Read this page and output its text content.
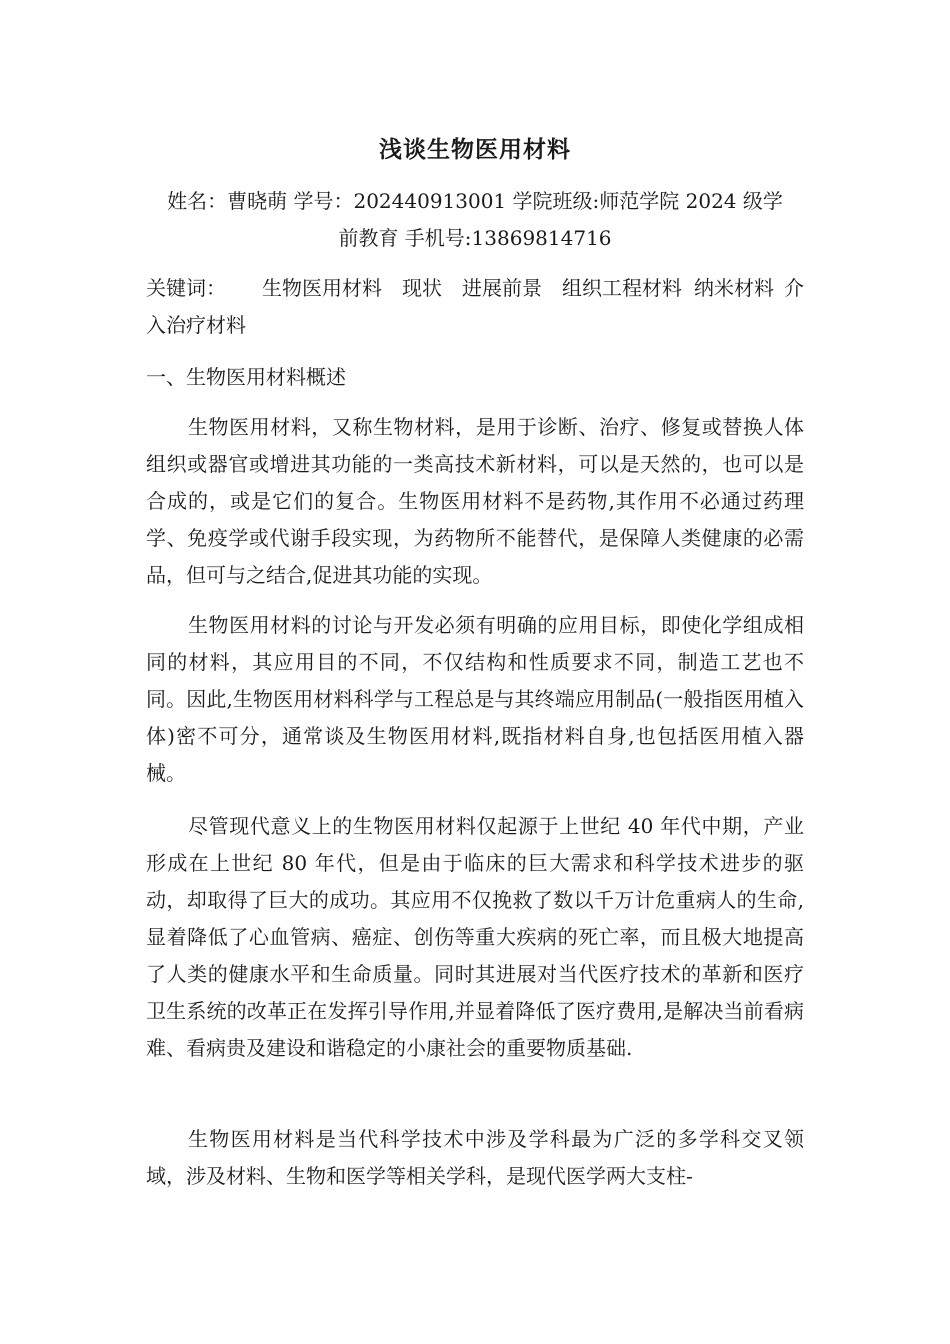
浅谈生物医用材料
姓名：曹晓萌 学号：202440913001 学院班级:师范学院 2024 级学
前教育 手机号:13869814716
关键词： 生物医用材料 现状 进展前景 组织工程材料 纳米材料 介入治疗材料
一、生物医用材料概述
生物医用材料，又称生物材料，是用于诊断、治疗、修复或替换人体组织或器官或增进其功能的一类高技术新材料，可以是天然的，也可以是合成的，或是它们的复合。生物医用材料不是药物,其作用不必通过药理学、免疫学或代谢手段实现，为药物所不能替代，是保障人类健康的必需品，但可与之结合,促进其功能的实现。
生物医用材料的讨论与开发必须有明确的应用目标，即使化学组成相同的材料，其应用目的不同，不仅结构和性质要求不同，制造工艺也不同。因此,生物医用材料科学与工程总是与其终端应用制品(一般指医用植入体)密不可分，通常谈及生物医用材料,既指材料自身,也包括医用植入器械。
尽管现代意义上的生物医用材料仅起源于上世纪 40 年代中期，产业形成在上世纪 80 年代，但是由于临床的巨大需求和科学技术进步的驱动，却取得了巨大的成功。其应用不仅挽救了数以千万计危重病人的生命,显着降低了心血管病、癌症、创伤等重大疾病的死亡率，而且极大地提高了人类的健康水平和生命质量。同时其进展对当代医疗技术的革新和医疗卫生系统的改革正在发挥引导作用,并显着降低了医疗费用,是解决当前看病难、看病贵及建设和谐稳定的小康社会的重要物质基础.
生物医用材料是当代科学技术中涉及学科最为广泛的多学科交叉领域，涉及材料、生物和医学等相关学科，是现代医学两大支柱-
